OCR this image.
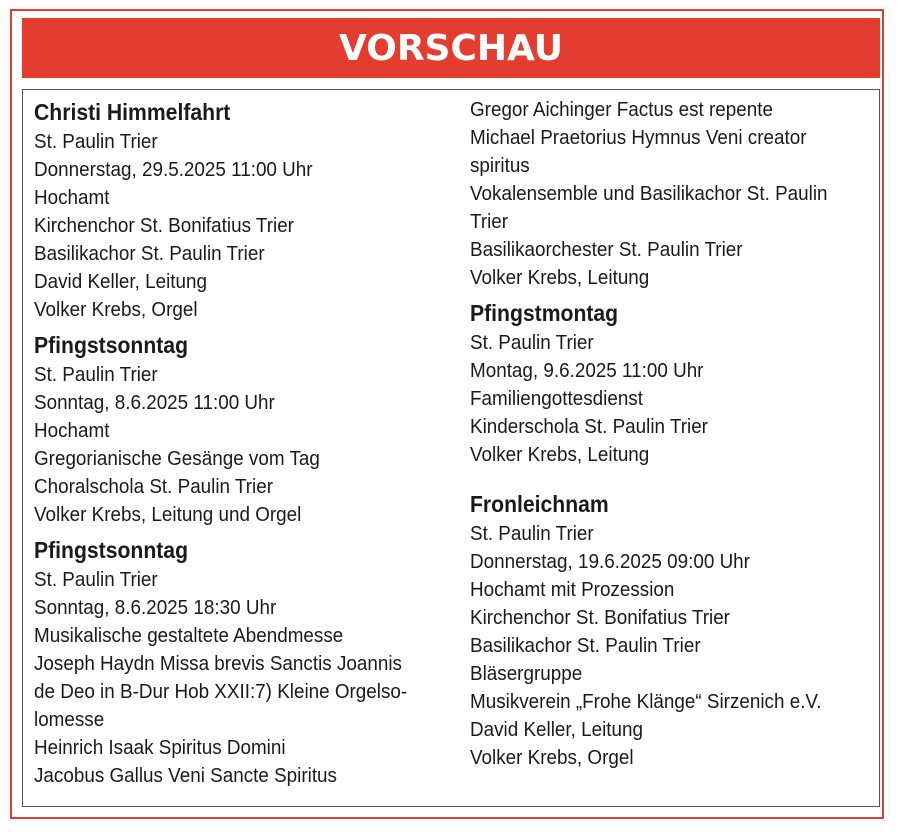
VORSCHAU
Christi Himmelfahrt
St. Paulin Trier
Donnerstag, 29.5.2025 11:00 Uhr
Hochamt
Kirchenchor St. Bonifatius Trier
Basilikachor St. Paulin Trier
David Keller, Leitung
Volker Krebs, Orgel
Pfingstsonntag
St. Paulin Trier
Sonntag, 8.6.2025 11:00 Uhr
Hochamt
Gregorianische Gesänge vom Tag
Choralschola St. Paulin Trier
Volker Krebs, Leitung und Orgel
Pfingstsonntag
St. Paulin Trier
Sonntag, 8.6.2025 18:30 Uhr
Musikalische gestaltete Abendmesse
Joseph Haydn Missa brevis Sanctis Joannis
de Deo in B-Dur Hob XXII:7) Kleine Orgelso-
lomesse
Heinrich Isaak Spiritus Domini
Jacobus Gallus Veni Sancte Spiritus
Gregor Aichinger Factus est repente
Michael Praetorius Hymnus Veni creator
spiritus
Vokalensemble und Basilikachor St. Paulin
Trier
Basilikaorchester St. Paulin Trier
Volker Krebs, Leitung
Pfingstmontag
St. Paulin Trier
Montag, 9.6.2025 11:00 Uhr
Familiengottesdienst
Kinderschola St. Paulin Trier
Volker Krebs, Leitung
Fronleichnam
St. Paulin Trier
Donnerstag, 19.6.2025 09:00 Uhr
Hochamt mit Prozession
Kirchenchor St. Bonifatius Trier
Basilikachor St. Paulin Trier
Bläsergruppe
Musikverein „Frohe Klänge“ Sirzenich e.V.
David Keller, Leitung
Volker Krebs, Orgel
